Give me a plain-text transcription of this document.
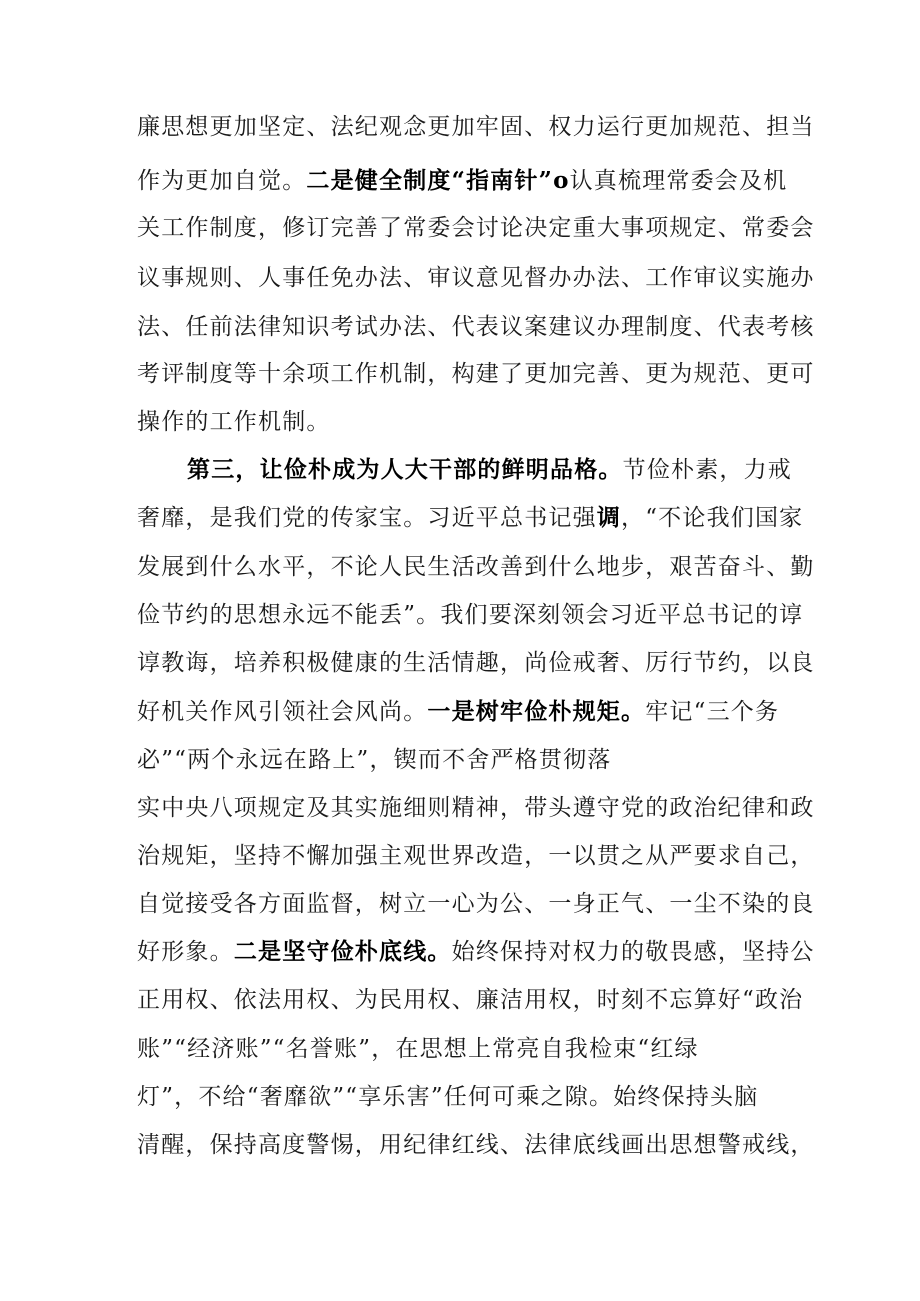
廉思想更加坚定、法纪观念更加牢固、权力运行更加规范、担当
作为更加自觉。二是健全制度“指南针”o认真梳理常委会及机
关工作制度，修订完善了常委会讨论决定重大事项规定、常委会
议事规则、人事任免办法、审议意见督办办法、工作审议实施办
法、任前法律知识考试办法、代表议案建议办理制度、代表考核
考评制度等十余项工作机制，构建了更加完善、更为规范、更可
操作的工作机制。
第三，让俭朴成为人大干部的鲜明品格。节俭朴素，力戒
奢靡，是我们党的传家宝。习近平总书记强调，“不论我们国家
发展到什么水平，不论人民生活改善到什么地步，艰苦奋斗、勤
俭节约的思想永远不能丢”。我们要深刻领会习近平总书记的谆
谆教诲，培养积极健康的生活情趣，尚俭戒奢、厉行节约，以良
好机关作风引领社会风尚。一是树牢俭朴规矩。牢记“三个务
必”“两个永远在路上”，锲而不舍严格贯彻落
实中央八项规定及其实施细则精神，带头遵守党的政治纪律和政
治规矩，坚持不懈加强主观世界改造，一以贯之从严要求自己，
自觉接受各方面监督，树立一心为公、一身正气、一尘不染的良
好形象。二是坚守俭朴底线。始终保持对权力的敬畏感，坚持公
正用权、依法用权、为民用权、廉洁用权，时刻不忘算好“政治
账”“经济账”“名誉账”，在思想上常亮自我检束“红绿
灯”，不给“奢靡欲”“享乐害”任何可乘之隙。始终保持头脑
清醒，保持高度警惕，用纪律红线、法律底线画出思想警戒线，
